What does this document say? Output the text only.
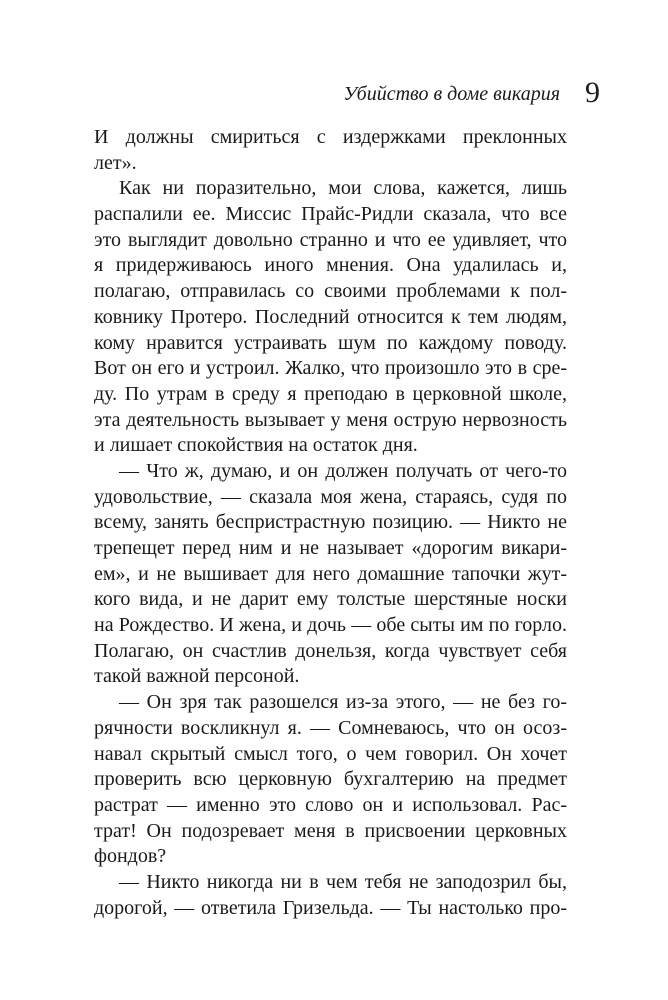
Убийство в доме викария 9
И должны смириться с издержками преклонных
лет».
Как ни поразительно, мои слова, кажется, лишь
распалили ее. Миссис Прайс-Ридли сказала, что все
это выглядит довольно странно и что ее удивляет, что
я придерживаюсь иного мнения. Она удалилась и,
полагаю, отправилась со своими проблемами к пол-
ковнику Протеро. Последний относится к тем людям,
кому нравится устраивать шум по каждому поводу.
Вот он его и устроил. Жалко, что произошло это в сре-
ду. По утрам в среду я преподаю в церковной школе,
эта деятельность вызывает у меня острую нервозность
и лишает спокойствия на остаток дня.
— Что ж, думаю, и он должен получать от чего-то
удовольствие, — сказала моя жена, стараясь, судя по
всему, занять беспристрастную позицию. — Никто не
трепещет перед ним и не называет «дорогим викари-
ем», и не вышивает для него домашние тапочки жут-
кого вида, и не дарит ему толстые шерстяные носки
на Рождество. И жена, и дочь — обе сыты им по горло.
Полагаю, он счастлив донельзя, когда чувствует себя
такой важной персоной.
— Он зря так разошелся из-за этого, — не без го-
рячности воскликнул я. — Сомневаюсь, что он осоз-
навал скрытый смысл того, о чем говорил. Он хочет
проверить всю церковную бухгалтерию на предмет
растрат — именно это слово он и использовал. Рас-
трат! Он подозревает меня в присвоении церковных
фондов?
— Никто никогда ни в чем тебя не заподозрил бы,
дорогой, — ответила Гризельда. — Ты настолько про-
